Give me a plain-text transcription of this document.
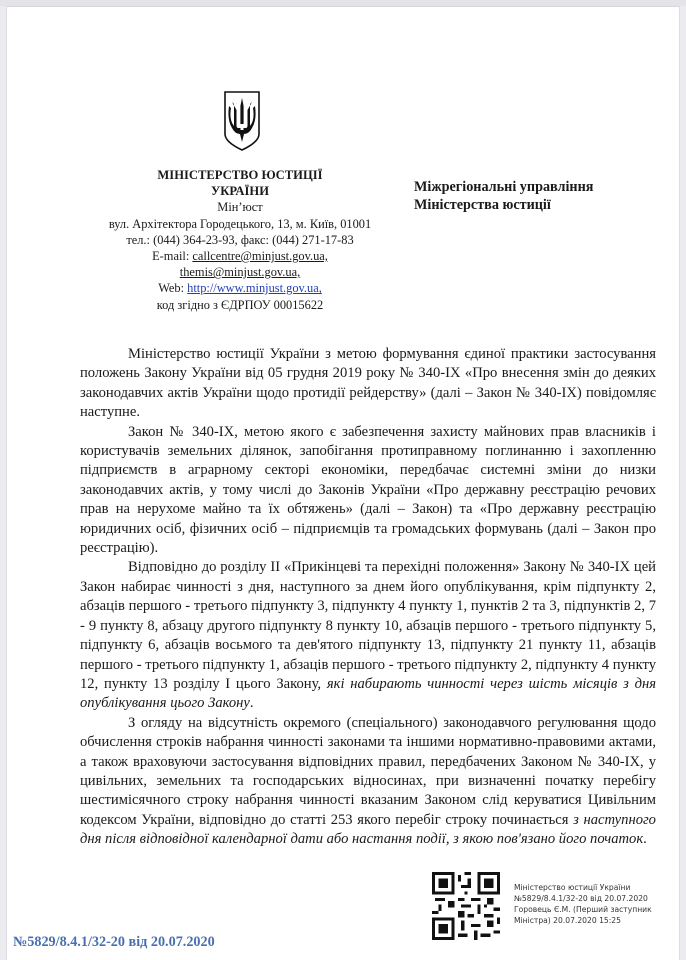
МІНІСТЕРСТВО ЮСТИЦІЇ
УКРАЇНИ
Мін’юст
вул. Архітектора Городецького, 13, м. Київ, 01001
тел.: (044) 364-23-93, факс: (044) 271-17-83
E-mail: callcentre@minjust.gov.ua,
themis@minjust.gov.ua,
Web: http://www.minjust.gov.ua,
код згідно з ЄДРПОУ 00015622
Міжрегіональні управління
Міністерства юстиції

Міністерство юстиції України з метою формування єдиної практики застосування положень Закону України від 05 грудня 2019 року № 340-IX «Про внесення змін до деяких законодавчих актів України щодо протидії рейдерству» (далі – Закон № 340-IX) повідомляє наступне.

Закон № 340-IX, метою якого є забезпечення захисту майнових прав власників і користувачів земельних ділянок, запобігання протиправному поглинанню і захопленню підприємств в аграрному секторі економіки, передбачає системні зміни до низки законодавчих актів, у тому числі до Законів України «Про державну реєстрацію речових прав на нерухоме майно та їх обтяжень» (далі – Закон) та «Про державну реєстрацію юридичних осіб, фізичних осіб – підприємців та громадських формувань (далі – Закон про реєстрацію).

Відповідно до розділу II «Прикінцеві та перехідні положення» Закону № 340-IX цей Закон набирає чинності з дня, наступного за днем його опублікування, крім підпункту 2, абзаців першого - третього підпункту 3, підпункту 4 пункту 1, пунктів 2 та 3, підпунктів 2, 7 - 9 пункту 8, абзацу другого підпункту 8 пункту 10, абзаців першого - третього підпункту 5, підпункту 6, абзаців восьмого та дев'ятого підпункту 13, підпункту 21 пункту 11, абзаців першого - третього підпункту 1, абзаців першого - третього підпункту 2, підпункту 4 пункту 12, пункту 13 розділу I цього Закону, які набирають чинності через шість місяців з дня опублікування цього Закону.

З огляду на відсутність окремого (спеціального) законодавчого регулювання щодо обчислення строків набрання чинності законами та іншими нормативно-правовими актами, а також враховуючи застосування відповідних правил, передбачених Законом № 340-IX, у цивільних, земельних та господарських відносинах, при визначенні початку перебігу шестимісячного строку набрання чинності вказаним Законом слід керуватися Цивільним кодексом України, відповідно до статті 253 якого перебіг строку починається з наступного дня після відповідної календарної дати або настання події, з якою пов'язано його початок.

№5829/8.4.1/32-20 від 20.07.2020
Міністерство юстиції України
№5829/8.4.1/32-20 від 20.07.2020
Горовець Є.М. (Перший заступник
Міністра) 20.07.2020 15:25
